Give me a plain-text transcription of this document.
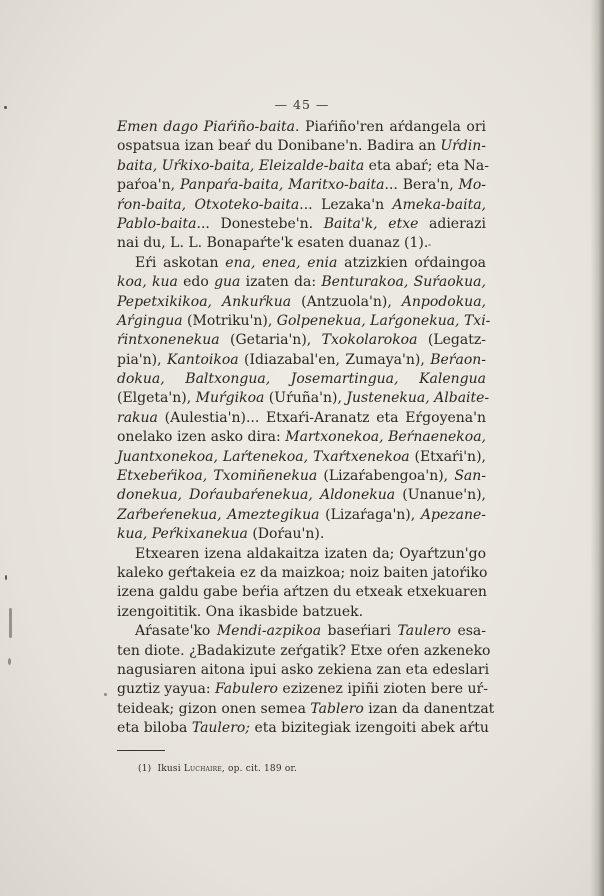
— 45 —
Emen dago Piaŕiño-baita. Piaŕiño'ren aŕdangela ori
ospatsua izan beaŕ du Donibane'n. Badira an Uŕdin-
baita, Uŕkixo-baita, Eleizalde-baita eta abaŕ; eta Na-
paŕoa'n, Panpaŕa-baita, Maritxo-baita... Bera'n, Mo-
ŕon-baita, Otxoteko-baita... Lezaka'n Ameka-baita,
Pablo-baita... Donestebe'n. Baita'k, etxe adierazi
nai du, L. L. Bonapaŕte'k esaten duanaz (1).
Eŕi askotan ena, enea, enia atzizkien oŕdaingoa
koa, kua edo gua izaten da: Benturakoa, Suŕaokua,
Pepetxikikoa, Ankuŕkua (Antzuola'n), Anpodokua,
Aŕgingua (Motriku'n), Golpenekua, Laŕgonekua, Txi-
ŕintxonenekua (Getaria'n), Txokolarokoa (Legatz-
pia'n), Kantoikoa (Idiazabal'en, Zumaya'n), Beŕaon-
dokua, Baltxongua, Josemartingua, Kalengua
(Elgeta'n), Muŕgikoa (Uŕuña'n), Justenekua, Albaite-
rakua (Aulestia'n)... Etxaŕi-Aranatz eta Eŕgoyena'n
onelako izen asko dira: Martxonekoa, Beŕnaenekoa,
Juantxonekoa, Laŕtenekoa, Txaŕtxenekoa (Etxaŕi'n),
Etxebeŕikoa, Txomiñenekua (Lizaŕabengoa'n), San-
donekua, Doŕaubaŕenekua, Aldonekua (Unanue'n),
Zaŕbeŕenekua, Ameztegikua (Lizaŕaga'n), Apezane-
kua, Peŕkixanekua (Doŕau'n).
Etxearen izena aldakaitza izaten da; Oyaŕtzun'go
kaleko geŕtakeia ez da maizkoa; noiz baiten jatoŕiko
izena galdu gabe beŕia aŕtzen du etxeak etxekuaren
izengoititik. Ona ikasbide batzuek.
Aŕasate'ko Mendi-azpikoa baseŕiari Taulero esa-
ten diote. ¿Badakizute zeŕgatik? Etxe oŕen azkeneko
nagusiaren aitona ipui asko zekiena zan eta edeslari
guztiz yayua: Fabulero ezizenez ipiñi zioten bere uŕ-
teideak; gizon onen semea Tablero izan da danentzat
eta biloba Taulero; eta bizitegiak izengoiti abek aŕtu
(1) Ikusi Luchaire, op. cit. 189 or.
